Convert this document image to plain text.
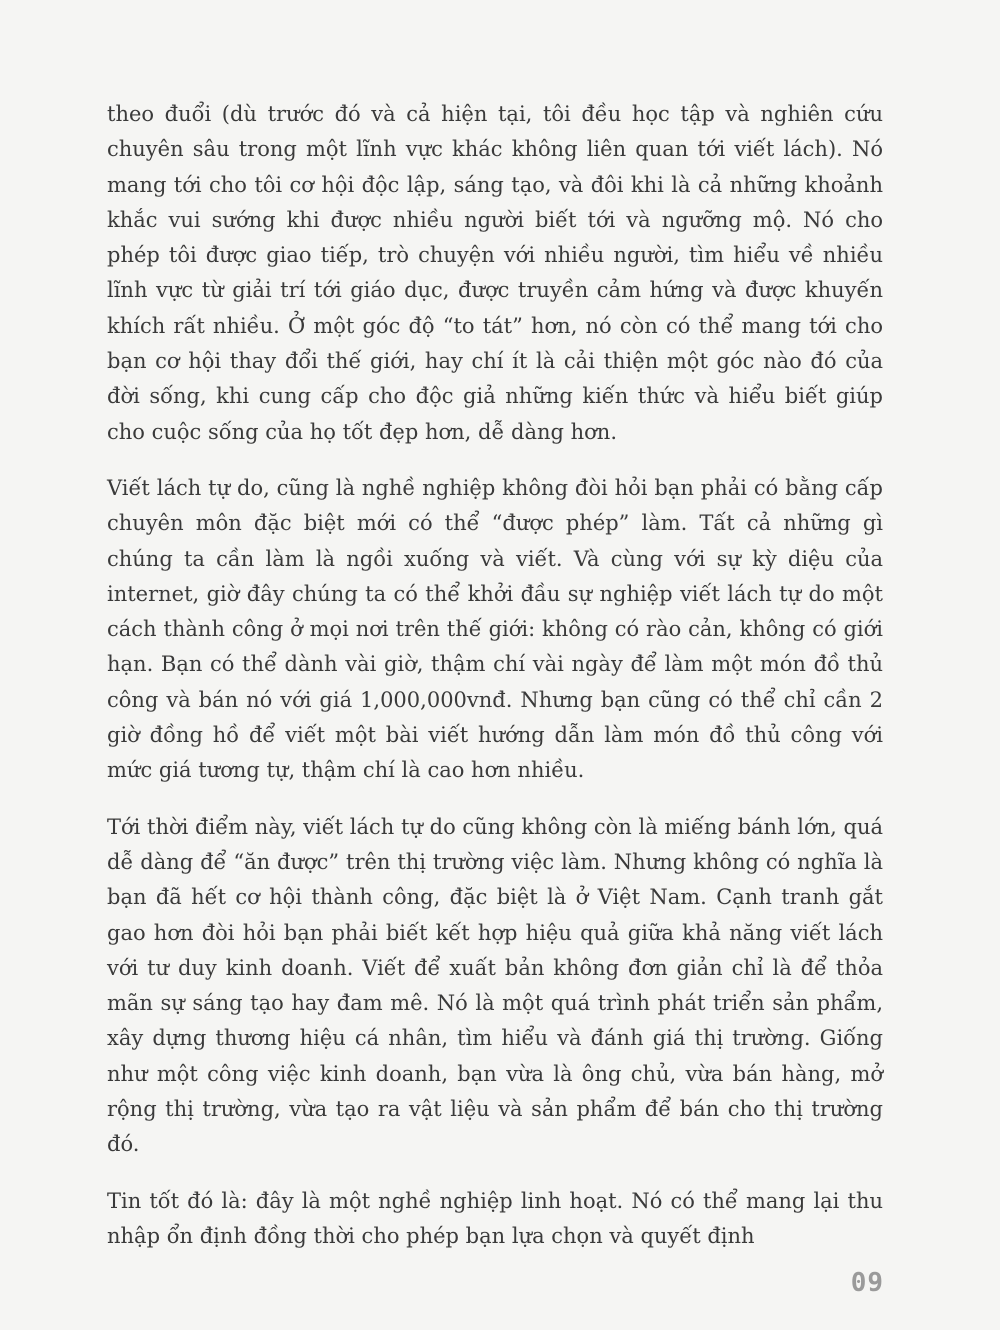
theo đuổi (dù trước đó và cả hiện tại, tôi đều học tập và nghiên cứu chuyên sâu trong một lĩnh vực khác không liên quan tới viết lách). Nó mang tới cho tôi cơ hội độc lập, sáng tạo, và đôi khi là cả những khoảnh khắc vui sướng khi được nhiều người biết tới và ngưỡng mộ. Nó cho phép tôi được giao tiếp, trò chuyện với nhiều người, tìm hiểu về nhiều lĩnh vực từ giải trí tới giáo dục, được truyền cảm hứng và được khuyến khích rất nhiều. Ở một góc độ “to tát” hơn, nó còn có thể mang tới cho bạn cơ hội thay đổi thế giới, hay chí ít là cải thiện một góc nào đó của đời sống, khi cung cấp cho độc giả những kiến thức và hiểu biết giúp cho cuộc sống của họ tốt đẹp hơn, dễ dàng hơn.

Viết lách tự do, cũng là nghề nghiệp không đòi hỏi bạn phải có bằng cấp chuyên môn đặc biệt mới có thể “được phép” làm. Tất cả những gì chúng ta cần làm là ngồi xuống và viết. Và cùng với sự kỳ diệu của internet, giờ đây chúng ta có thể khởi đầu sự nghiệp viết lách tự do một cách thành công ở mọi nơi trên thế giới: không có rào cản, không có giới hạn. Bạn có thể dành vài giờ, thậm chí vài ngày để làm một món đồ thủ công và bán nó với giá 1,000,000vnđ. Nhưng bạn cũng có thể chỉ cần 2 giờ đồng hồ để viết một bài viết hướng dẫn làm món đồ thủ công với mức giá tương tự, thậm chí là cao hơn nhiều.

Tới thời điểm này, viết lách tự do cũng không còn là miếng bánh lớn, quá dễ dàng để “ăn được” trên thị trường việc làm. Nhưng không có nghĩa là bạn đã hết cơ hội thành công, đặc biệt là ở Việt Nam. Cạnh tranh gắt gao hơn đòi hỏi bạn phải biết kết hợp hiệu quả giữa khả năng viết lách với tư duy kinh doanh. Viết để xuất bản không đơn giản chỉ là để thỏa mãn sự sáng tạo hay đam mê. Nó là một quá trình phát triển sản phẩm, xây dựng thương hiệu cá nhân, tìm hiểu và đánh giá thị trường. Giống như một công việc kinh doanh, bạn vừa là ông chủ, vừa bán hàng, mở rộng thị trường, vừa tạo ra vật liệu và sản phẩm để bán cho thị trường đó.

Tin tốt đó là: đây là một nghề nghiệp linh hoạt. Nó có thể mang lại thu nhập ổn định đồng thời cho phép bạn lựa chọn và quyết định

09
